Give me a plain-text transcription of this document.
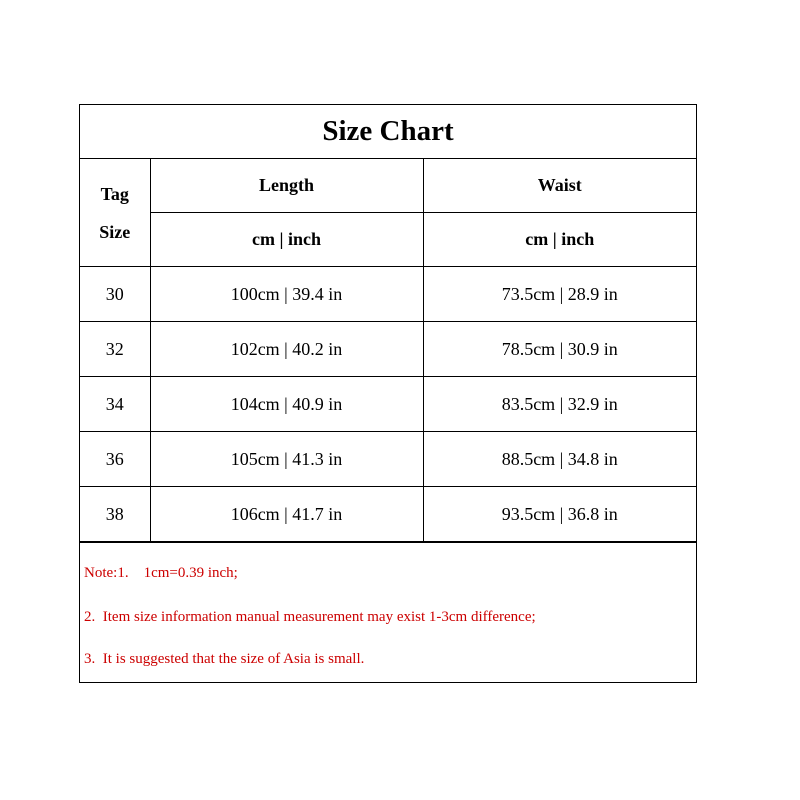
Size Chart		
Tag
Size	Length	Waist
	cm | inch	cm | inch
30	100cm | 39.4 in	73.5cm | 28.9 in
32	102cm | 40.2 in	78.5cm | 30.9 in
34	104cm | 40.9 in	83.5cm | 32.9 in
36	105cm | 41.3 in	88.5cm | 34.8 in
38	106cm | 41.7 in	93.5cm | 36.8 in
Note:1.    1cm=0.39 inch;
2.  Item size information manual measurement may exist 1-3cm difference;
3.  It is suggested that the size of Asia is small.
